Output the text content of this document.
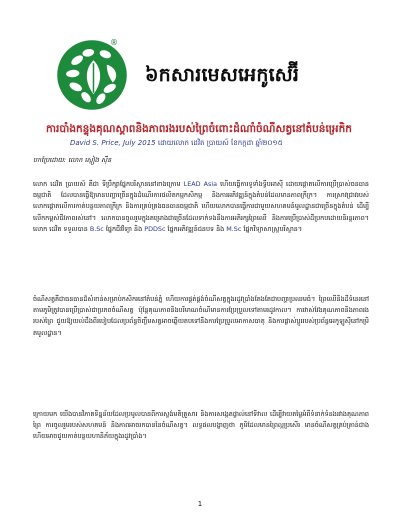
®
៦កសារមេសអេកូសេរ៊ី
ការបាំងកន្ទុងគុណស្គាពនិងភាពរងរបស់ព្រៃចំពោះដំណាំចំណីសត្វនៅតំបន់អ្រេកិក
David S. Price, July 2015 ដោយលោក ដេវិត ប្រាយស៍ ខែកក្កដា ឆ្នាំ២០១៥
បកប្រែដោយ: លោក ស្មៀង ស៊ីន

លោក ដេវិត ប្រាយស៍ គឺជា ទីប្រឹក្សាផ្នែកបរិស្ថាននៅខាងក្រោម LEAD Asia ហើយធ្វើការទូទាំងទ្វីបអាស៊ី ដោយផ្តោតលើការប្រើប្រាស់ធនធានធម្មជាតិ ដែលបានធ្វើឱ្យមានបញ្ហាច្រើនក្នុងដំណើរការផលិតកម្មកសិកម្ម និងការអភិវឌ្ឍន៍ក្នុងតំបន់ដែលមានភាពក្រីក្រ។ ការស្រាវជ្រាវរបស់លោកផ្តោតលើការកាត់បន្ថយភាពក្រីក្រ និងការគ្រប់គ្រងធនធានធម្មជាតិ ហើយលោកបានធ្វើការជាមួយសហគមន៍មូលដ្ឋានជាច្រើនក្នុងតំបន់ ដើម្បីលើកកម្ពស់ជីវភាពរស់នៅ។ លោកបានចូលរួមក្នុងគម្រោងជាច្រើនដែលទាក់ទងនឹងការអភិរក្សព្រៃឈើ និងការប្រើប្រាស់ដីប្រកបដោយនិរន្តរភាព។ លោក ដេវិត ទទួលបាន B.Sc ផ្នែកជីវវិទ្យា និង PDDSc ផ្នែកអភិវឌ្ឍន៍ជនបទ និង M.Sc ផ្នែកវិទ្យាសាស្ត្របរិស្ថាន។

ចំណីសត្វគឺជាធនធានដ៏សំខាន់សម្រាប់កសិករនៅតំបន់ភ្នំ ហើយការផ្គត់ផ្គង់ចំណីសត្វក្នុងរដូវប្រាំងតែងតែជាបញ្ហាប្រឈមធំ។ ព្រៃឈើនិងដីទំនេរនៅតាមភូមិត្រូវបានប្រើប្រាស់ជាប្រភពចំណីសត្វ ប៉ុន្តែគុណភាពនិងបរិមាណចំណីមានការប្រែប្រួលទៅតាមរដូវកាល។ ការវាស់វែងគុណភាពនិងភាពរងរបស់ព្រៃ ជួយឱ្យយល់ដឹងពីរបៀបដែលប្រព័ន្ធចិញ្ចឹមសត្វអាចឆ្លើយតបទៅនឹងការប្រែប្រួលអាកាសធាតុ និងការផ្លាស់ប្តូររបស់ប្រព័ន្ធអេកូឡូស៊ីនៅកម្រិតមូលដ្ឋាន។

ក្រោយមក យើងបានវិភាគទិន្នន័យដែលប្រមូលបានពីការស្ទង់មតិគ្រួសារ និងការសង្កេតផ្ទាល់នៅទីវាល ដើម្បីវាយតម្លៃអំពីទំនាក់ទំនងរវាងគុណភាពព្រៃ ការចូលរួមរបស់សហគមន៍ និងភាពអាចរកបាននៃចំណីសត្វ។ លទ្ធផលបង្ហាញថា ភូមិដែលមានព្រៃល្អប្រសើរ មានចំណីសត្វគ្រប់គ្រាន់ជាង ហើយអាចជួយកាត់បន្ថយហានិភ័យក្នុងរដូវប្រាំង។

1
